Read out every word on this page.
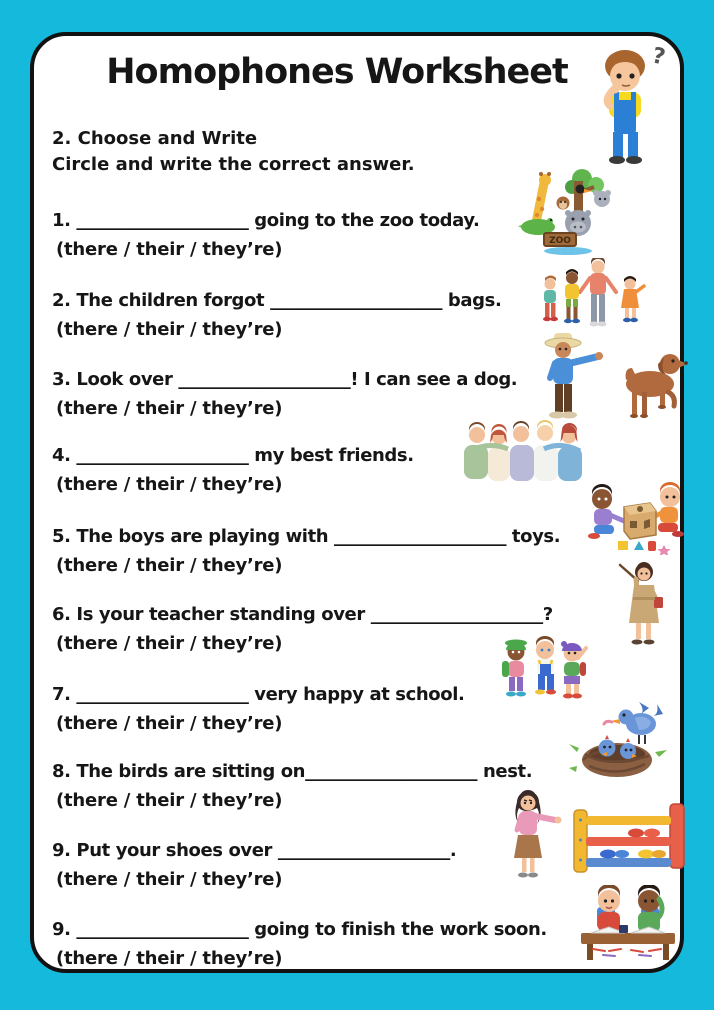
Homophones Worksheet
2. Choose and Write
Circle and write the correct answer.
1. ____________________ going to the zoo today.
(there / their / they’re)
2. The children forgot ____________________ bags.
(there / their / they’re)
3. Look over ____________________! I can see a dog.
(there / their / they’re)
4. ____________________ my best friends.
(there / their / they’re)
5. The boys are playing with ____________________ toys.
(there / their / they’re)
6. Is your teacher standing over ____________________?
(there / their / they’re)
7. ____________________ very happy at school.
(there / their / they’re)
8. The birds are sitting on____________________ nest.
(there / their / they’re)
9. Put your shoes over ____________________.
(there / their / they’re)
9. ____________________ going to finish the work soon.
(there / their / they’re)
?
ZOO
